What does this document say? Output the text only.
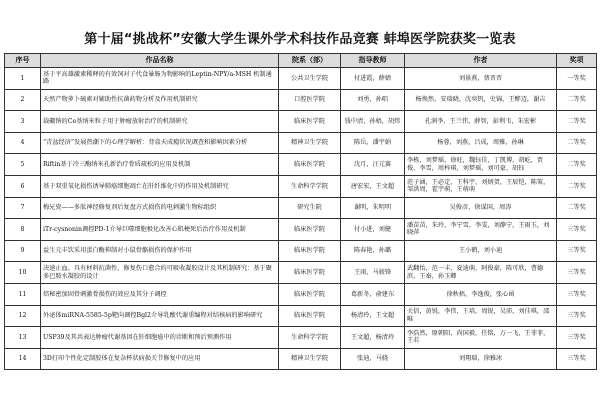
第十届“挑战杯”安徽大学生课外学术科技作品竞赛 蚌埠医学院获奖一览表
序号	作品名称	院系（部）	指导教师	作者	奖项
1	基于平高雄激素稀释的有效饲对子代食暴肠为物影响的Leptin-NPY/a-MSH 机制通路	公共卫生学院	付进霞，薛婧	刘景燕，蔡晋晋	一等奖
2	天然产物萝卜硫素对辅助性抗菌药物分析及作用机制研究	口腔医学院	刘勇，孙唱	杨焕然，安瑞晓，沈奕钒，史锦，王醉迈，谢吉	二等奖
3	载硼钠的Ce基纳米粒子用于肿瘤放射治疗的机制研究	临床医学院	钱中清，孙梧，胡炜	孔润李，王兰伟，薛智，彭利韦，朱宏彬	二等奖
4	“青盆经济”发展热潮下的心理学解析：背盒天成瘾状况调查和影响因素分析	精神卫生学院	陈岳，潘宇娟	杨蓉，刘燕，吕成，周雅，孙琳	二等奖
5	Riftin基于冷三酶纳米孔新治疗骨质疏松的应用及机制	临床医学院	沈月，汪元赛	李栋，刘梦瑶，徐旺，魏钰佳，丁凯博，胡屹，贾俊，李雪，周梓琪，刘梦瑶，刘可豪，胡钰	二等奖
6	基于双重氧化损伤诱导肺癌细胞凋亡在肝纤维化中的作用及机制研究	生命科学学院	唐宏宏，王文超	范子涵，王必定，王科宇，刘炳贺，王辰恺，陈策，邹洪周，霍宇萌，王萌萌	二等奖
7	梅兄瓷——多肽神经修复剂后复盘方式损伤的电刺激生物标组织	研究生院	谢明，朱明明	吴俊彦，徐谋国，周涛	二等奖
8	iTr-cysnonin调控PD-1介导巨噬细胞极化改善心肌梗死后治疗作用及机制	临床医学院	付小进，刘健	潘苗苗，朱玲，李宁雪，李雯，刘静宁，王雨玉，刘晓萍	三等奖
9	益生元丰饮采用蛋白酶抑制对小鼠骨骼损伤的保护作用	临床医学院	陈春艳，孙璐	王小鹤，刘小迪	三等奖
10	决速止血、具有材料抗菌性、修复伤口愈合的可吸收凝胶设计及其机制研究：基于聚多巴胺水凝胶的设计	临床医学院	王雨，马骏锋	武翻怡，范一丰，夏迪萌，阿俊豪，陈可欣，曹德滨，王秦，孙玉卿	三等奖
11	焙秘密加固骨刺激骨损伤的效应及其分子调控	临床医学院	葛新冬，俞建东	徐秋梧，李逸俊，张心函	三等奖
12	外泌体miRNA-5585-5p靶向调控Bgl2介导乳酸代谢重编程对结核病的影响研究	临床医学院	杨清玲，王文超	关信，黄锐，李伟，王培，周锐，吴沛，刘佳琪，邵唯	三等奖
13	USP39及其共表达肿瘤代谢基因在肝细胞癌中的诊断和预后预测作用	生命科学学院	王文超，杨清玲	李浩然，原朝阳，尚国毅，任铭，万一飞，王菲菲，王若	三等奖
14	3D打印个性化定制胶体在复杂杯状病损关节修复中的应用	精神卫生学院	张迪，马骁	刘翔瑞，徐雅冰	三等奖
